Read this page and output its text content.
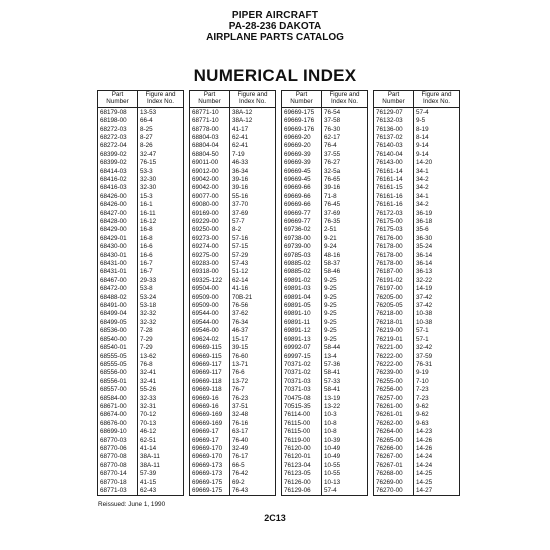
PIPER AIRCRAFT
PA-28-236 DAKOTA
AIRPLANE PARTS CATALOG
NUMERICAL INDEX
Part
Number	Figure and
Index No.
68179-08	13-53
68198-00	66-4
68272-03	8-25
68272-03	8-27
68272-04	8-26
68399-02	32-47
68399-02	76-15
68414-03	53-3
68416-02	32-30
68416-03	32-30
68426-00	15-3
68426-00	16-1
68427-00	16-11
68428-00	16-12
68429-00	16-8
68429-01	16-8
68430-00	16-6
68430-01	16-6
68431-00	16-7
68431-01	16-7
68467-00	29-33
68472-00	53-8
68488-02	53-24
68491-00	53-18
68499-04	32-32
68499-05	32-32
68536-00	7-28
68540-00	7-29
68540-01	7-29
68555-05	13-62
68555-05	76-8
68556-00	32-41
68556-01	32-41
68557-00	55-26
68584-00	32-33
68671-00	32-31
68674-00	70-12
68676-00	70-13
68699-10	46-12
68770-03	62-51
68770-06	41-14
68770-08	38A-11
68770-08	38A-11
68770-14	57-39
68770-18	41-15
68771-03	62-43
Part
Number	Figure and
Index No.
68771-10	38A-12
68771-10	38A-12
68778-00	41-17
68804-03	62-41
68804-04	62-41
68804-50	7-19
69011-00	46-33
69012-00	36-34
69042-00	39-16
69042-00	39-16
69077-00	55-16
69080-00	37-70
69169-00	37-69
69229-00	57-7
69250-00	8-2
69273-00	57-16
69274-00	57-15
69275-00	57-29
69283-00	57-43
69318-00	51-12
69325-122	62-14
69504-00	41-16
69509-00	70B-21
69509-00	76-56
69544-00	37-62
69544-00	76-34
69546-00	46-37
69624-02	15-17
69669-115	39-15
69669-115	76-60
69669-117	13-71
69669-117	76-6
69669-118	13-72
69669-118	76-7
69669-16	76-23
69669-16	37-51
69669-169	32-48
69669-169	76-16
69669-17	63-17
69669-17	76-40
69669-170	32-49
69669-170	76-17
69669-173	66-5
69669-173	76-42
69669-175	69-2
69669-175	76-43
Part
Number	Figure and
Index No.
69669-175	76-54
69669-176	37-58
69669-176	76-30
69669-20	62-17
69669-20	76-4
69669-39	37-55
69669-39	76-27
69669-45	32-5a
69669-45	76-65
69669-66	39-16
69669-66	71-8
69669-66	76-45
69669-77	37-69
69669-77	76-35
69736-02	2-51
69738-00	9-21
69739-00	9-24
69785-03	48-16
69885-02	58-37
69885-02	58-46
69891-02	9-25
69891-03	9-25
69891-04	9-25
69891-05	9-25
69891-10	9-25
69891-11	9-25
69891-12	9-25
69891-13	9-25
69992-07	58-44
69997-15	13-4
70371-02	57-36
70371-02	58-41
70371-03	57-33
70371-03	58-41
70475-08	13-19
70515-35	13-22
76114-00	10-3
76115-00	10-8
76115-00	10-8
76119-00	10-39
76120-00	10-49
76120-01	10-49
76123-04	10-55
76123-05	10-55
76126-00	10-13
76129-06	57-4
Part
Number	Figure and
Index No.
76129-07	57-4
76132-03	9-5
76136-00	8-19
76137-02	8-14
76140-03	9-14
76140-04	9-14
76143-00	14-20
76161-14	34-1
76161-14	34-2
76161-15	34-2
76161-16	34-1
76161-16	34-2
76172-03	36-19
76175-00	36-18
76175-03	35-6
76176-00	36-30
76178-00	35-24
76178-00	36-14
76178-00	36-14
76187-00	36-13
76191-02	32-22
76197-00	14-19
76205-00	37-42
76205-05	37-42
76218-00	10-38
76218-01	10-38
76219-00	57-1
76219-01	57-1
76221-00	32-42
76222-00	37-59
76222-00	76-31
76239-00	9-19
76255-00	7-10
76256-00	7-23
76257-00	7-23
76261-00	9-62
76261-01	9-62
76262-00	9-63
76264-00	14-23
76265-00	14-26
76266-00	14-26
76267-00	14-24
76267-01	14-24
76268-00	14-25
76269-00	14-25
76270-00	14-27
Reissued: June 1, 1990
2C13
